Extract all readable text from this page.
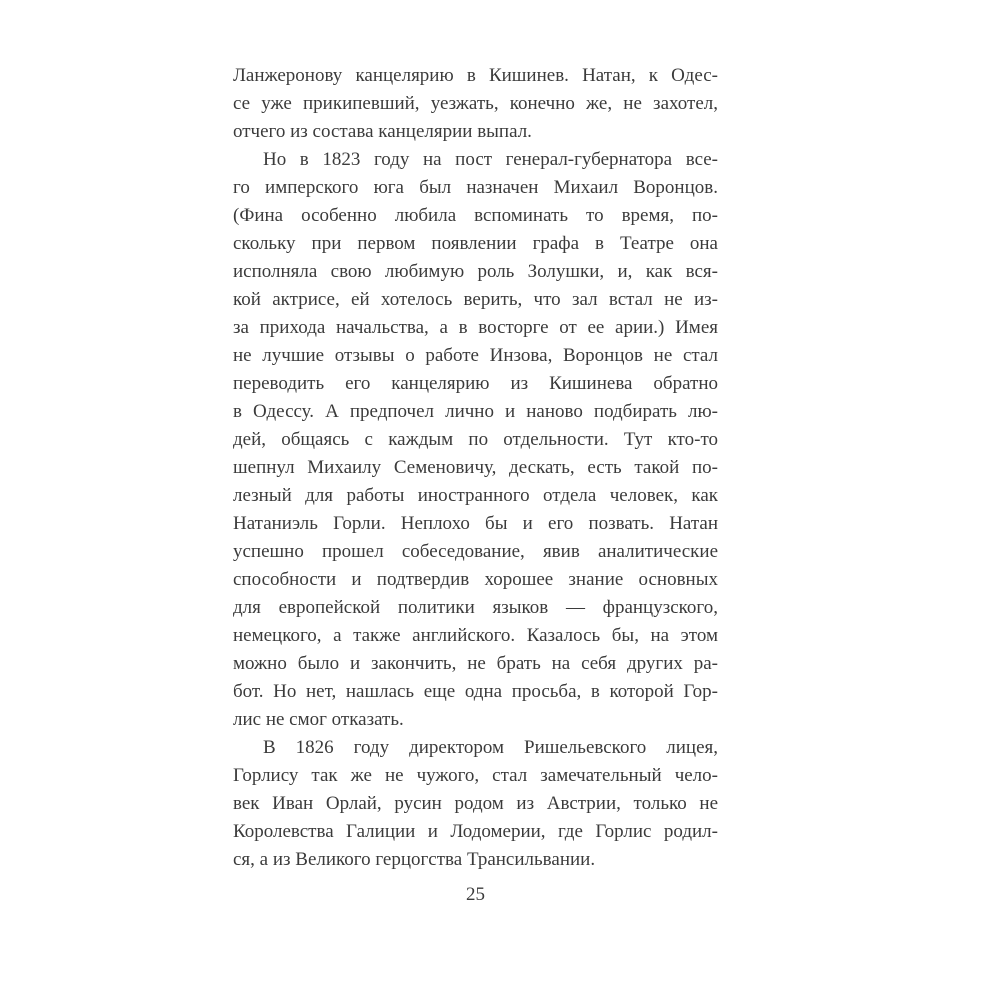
Ланжеронову канцелярию в Кишинев. Натан, к Одес-
се уже прикипевший, уезжать, конечно же, не захотел,
отчего из состава канцелярии выпал.
Но в 1823 году на пост генерал-губернатора все-
го имперского юга был назначен Михаил Воронцов.
(Фина особенно любила вспоминать то время, по-
скольку при первом появлении графа в Театре она
исполняла свою любимую роль Золушки, и, как вся-
кой актрисе, ей хотелось верить, что зал встал не из-
за прихода начальства, а в восторге от ее арии.) Имея
не лучшие отзывы о работе Инзова, Воронцов не стал
переводить его канцелярию из Кишинева обратно
в Одессу. А предпочел лично и наново подбирать лю-
дей, общаясь с каждым по отдельности. Тут кто-то
шепнул Михаилу Семеновичу, дескать, есть такой по-
лезный для работы иностранного отдела человек, как
Натаниэль Горли. Неплохо бы и его позвать. Натан
успешно прошел собеседование, явив аналитические
способности и подтвердив хорошее знание основных
для европейской политики языков — французского,
немецкого, а также английского. Казалось бы, на этом
можно было и закончить, не брать на себя других ра-
бот. Но нет, нашлась еще одна просьба, в которой Гор-
лис не смог отказать.
В 1826 году директором Ришельевского лицея,
Горлису так же не чужого, стал замечательный чело-
век Иван Орлай, русин родом из Австрии, только не
Королевства Галиции и Лодомерии, где Горлис родил-
ся, а из Великого герцогства Трансильвании.
25
